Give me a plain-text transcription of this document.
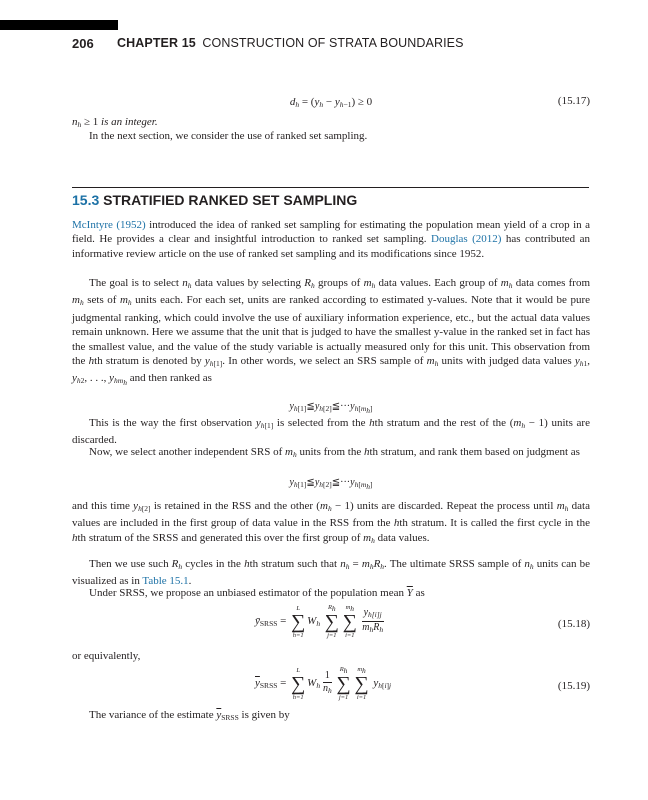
206 CHAPTER 15 CONSTRUCTION OF STRATA BOUNDARIES
$d_h = (y_h - y_{h-1}) \ge 0$	(15.17)
$n_h \ge 1$ is an integer.
In the next section, we consider the use of ranked set sampling.
15.3 STRATIFIED RANKED SET SAMPLING
McIntyre (1952) introduced the idea of ranked set sampling for estimating the population mean yield of a crop in a field. He provides a clear and insightful introduction to ranked set sampling. Douglas (2012) has contributed an informative review article on the use of ranked set sampling and its modifications since 1952.
The goal is to select $n_h$ data values by selecting $R_h$ groups of $m_h$ data values. Each group of $m_h$ data comes from $m_h$ sets of $m_h$ units each. For each set, units are ranked according to estimated y-values. Note that it would be pure judgmental ranking, which could involve the use of auxiliary information experience, etc., but the actual data values remain unknown. Here we assume that the unit that is judged to have the smallest y-value in the ranked set in fact has the smallest value, and the value of the study variable is actually measured only for this unit. This observation from the hth stratum is denoted by $y_{h[1]}$. In other words, we select an SRS sample of $m_h$ units with judged data values $y_{h1}$, $y_{h2}$, . . ., $y_{hm_h}$ and then ranked as
$y_{h[1]}≦y_{h[2]}≦\cdot\cdot\cdot y_{h[m_h]}$
This is the way the first observation $y_{h[1]}$ is selected from the hth stratum and the rest of the $(m_h - 1)$ units are discarded.
Now, we select another independent SRS of $m_h$ units from the hth stratum, and rank them based on judgment as
$y_{h[1]}≦y_{h[2]}≦\cdot\cdot\cdot y_{h[m_h]}$
and this time $y_{h[2]}$ is retained in the RSS and the other $(m_h - 1)$ units are discarded. Repeat the process until $m_h$ data values are included in the first group of data value in the RSS from the hth stratum. It is called the first cycle in the hth stratum of the SRSS and generated this over the first group of $m_h$ data values.
Then we use such $R_h$ cycles in the hth stratum such that $n_h = m_hR_h$. The ultimate SRSS sample of $n_h$ units can be visualized as in Table 15.1.
Under SRSS, we propose an unbiased estimator of the population mean $\overline{Y}$ as
$ȳ_{SRSS}$ =
L
∑
h=1
$W_h$
$R_h$
∑
j=1
$m_h$
∑
i=1
$\frac{y_{h[i]j}}{m_hR_h}$	(15.18)
or equivalently,
$\overline{y}_{SRSS}$ =
L
∑
h=1
$W_h \frac{1}{n_h}$

$R_h$
∑
j=1
$m_h$
∑
i=1
$y_{h[i]j}$	(15.19)
The variance of the estimate $\overline{y}_{SRSS}$ is given by
